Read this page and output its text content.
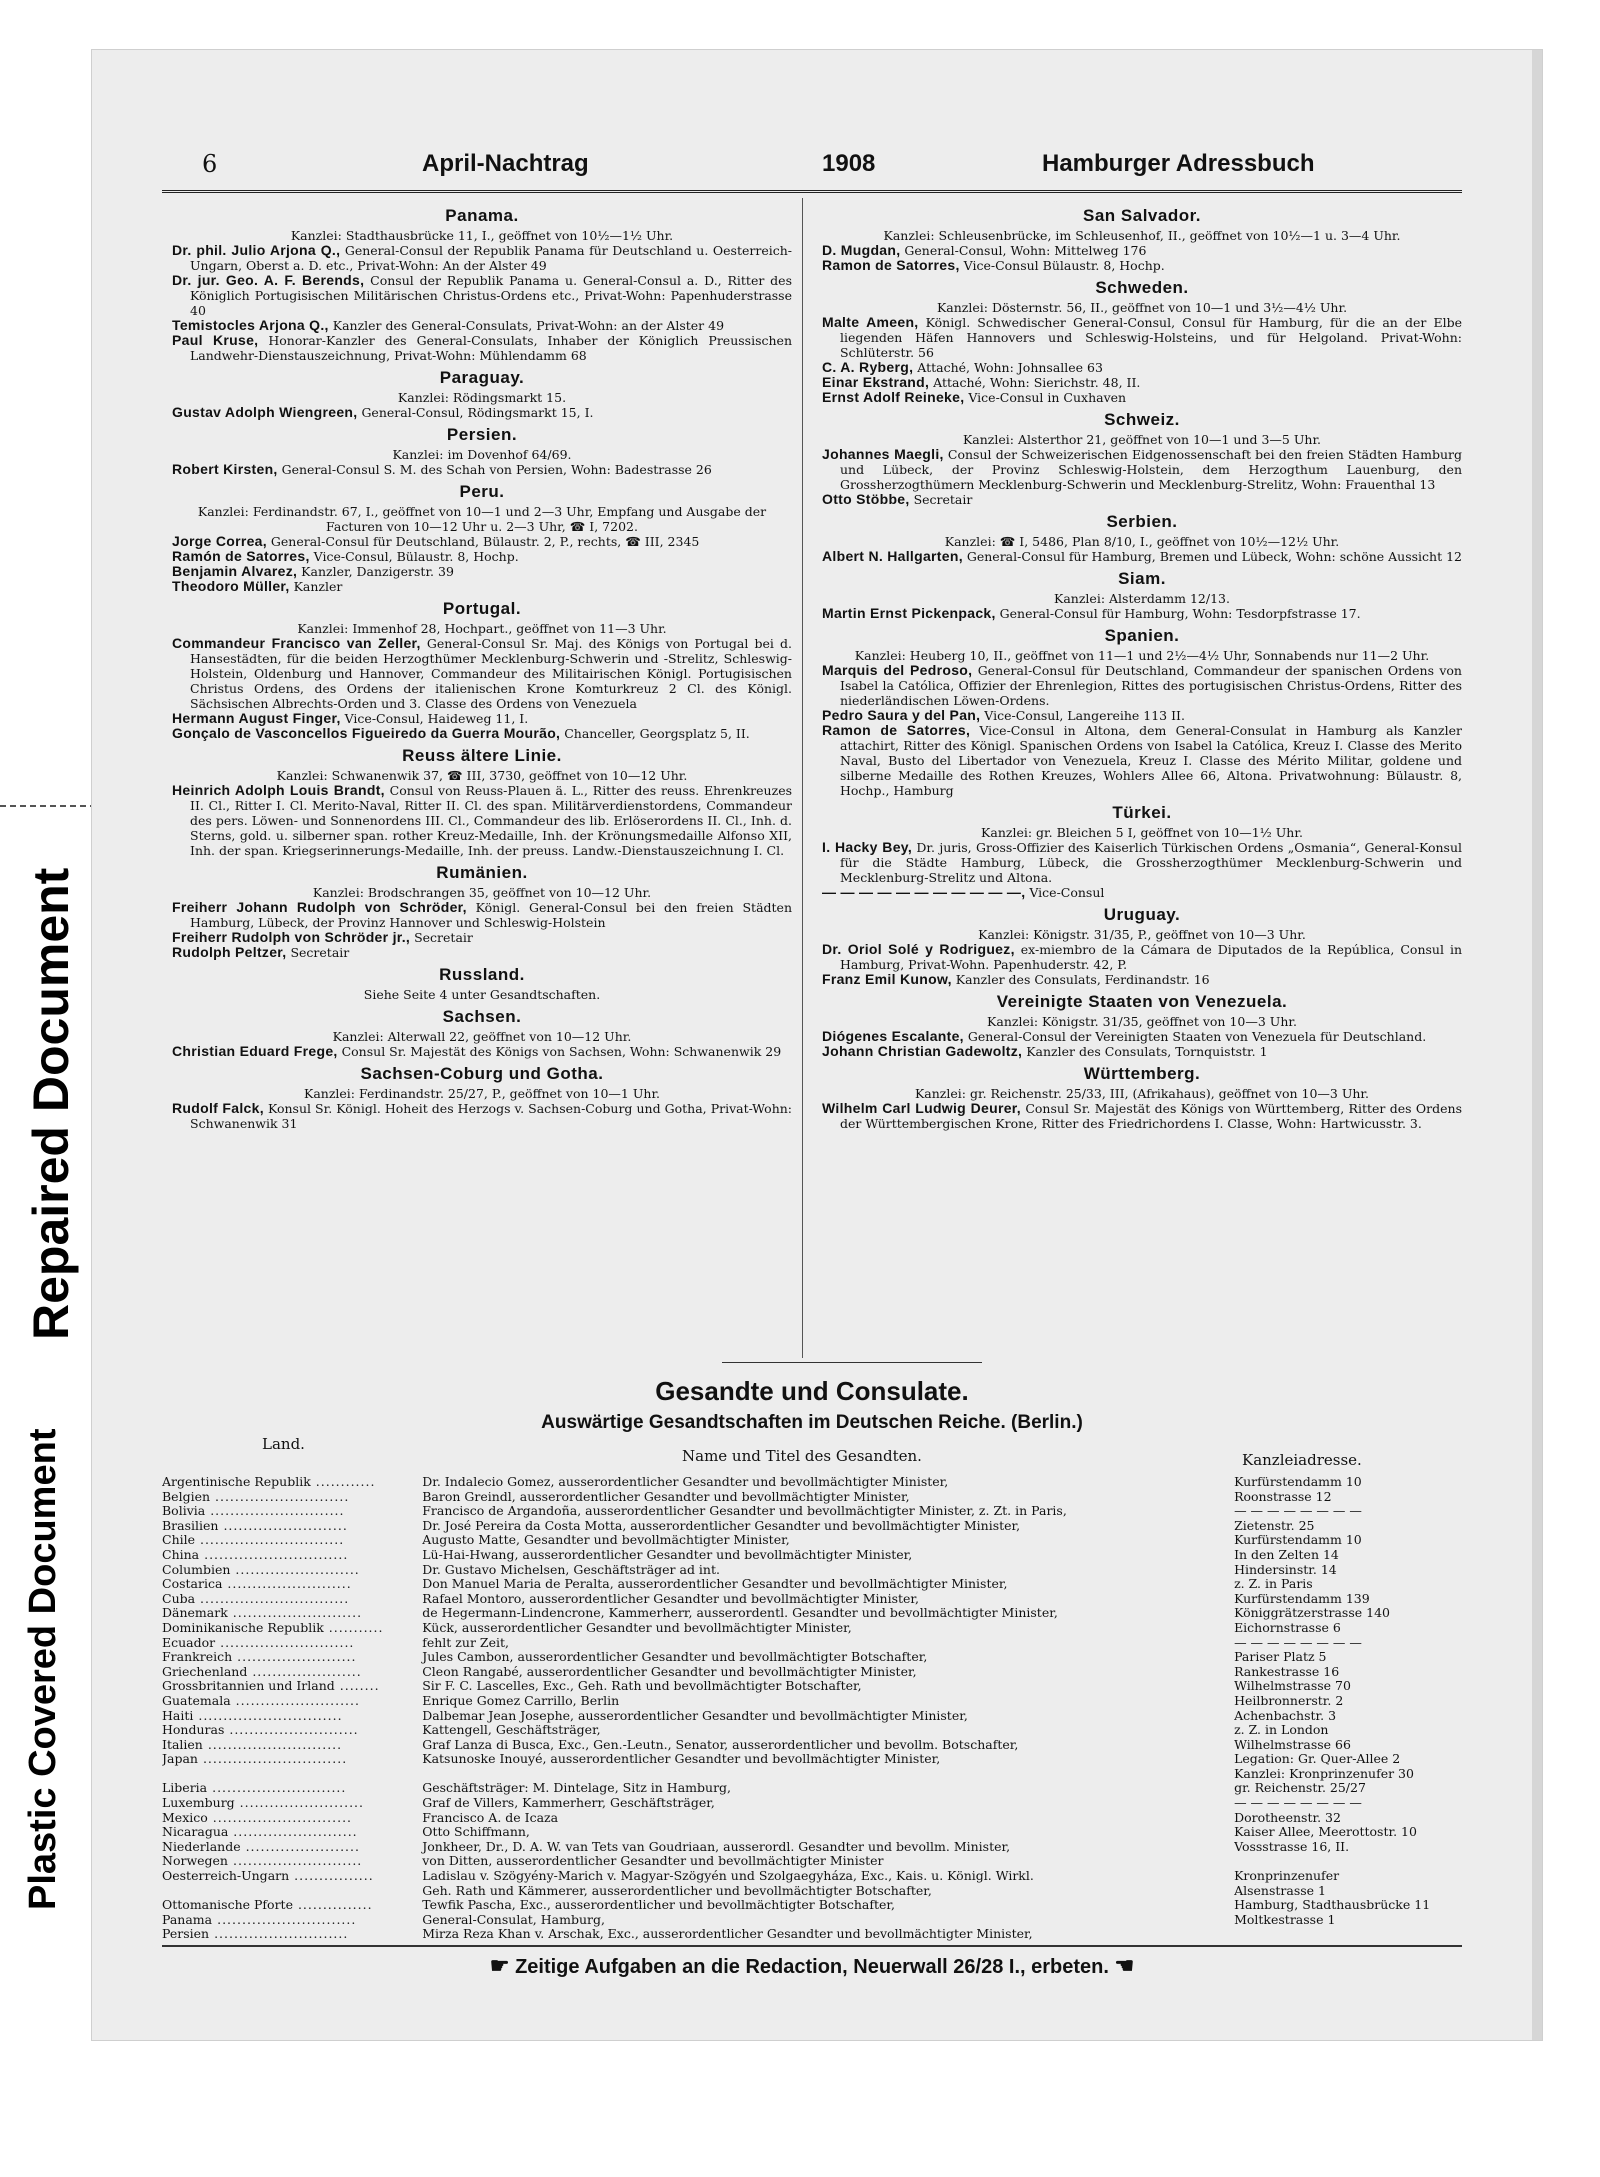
Repaired Document
Plastic Covered Document
6	April-Nachtrag	1908	Hamburger Adressbuch
Panama.
Kanzlei: Stadthausbrücke 11, I., geöffnet von 10½—1½ Uhr.
Dr. phil. Julio Arjona Q., General-Consul der Republik Panama für Deutschland u. Oesterreich-Ungarn, Oberst a. D. etc., Privat-Wohn: An der Alster 49
Dr. jur. Geo. A. F. Berends, Consul der Republik Panama u. General-Consul a. D., Ritter des Königlich Portugisischen Militärischen Christus-Ordens etc., Privat-Wohn: Papenhuderstrasse 40
Temistocles Arjona Q., Kanzler des General-Consulats, Privat-Wohn: an der Alster 49
Paul Kruse, Honorar-Kanzler des General-Consulats, Inhaber der Königlich Preussischen Landwehr-Dienstauszeichnung, Privat-Wohn: Mühlendamm 68
Paraguay.
Kanzlei: Rödingsmarkt 15.
Gustav Adolph Wiengreen, General-Consul, Rödingsmarkt 15, I.
Persien.
Kanzlei: im Dovenhof 64/69.
Robert Kirsten, General-Consul S. M. des Schah von Persien, Wohn: Badestrasse 26
Peru.
Kanzlei: Ferdinandstr. 67, I., geöffnet von 10—1 und 2—3 Uhr, Empfang und Ausgabe der Facturen von 10—12 Uhr u. 2—3 Uhr, ☎ I, 7202.
Jorge Correa, General-Consul für Deutschland, Bülaustr. 2, P., rechts, ☎ III, 2345
Ramón de Satorres, Vice-Consul, Bülaustr. 8, Hochp.
Benjamin Alvarez, Kanzler, Danzigerstr. 39
Theodoro Müller, Kanzler
Portugal.
Kanzlei: Immenhof 28, Hochpart., geöffnet von 11—3 Uhr.
Commandeur Francisco van Zeller, General-Consul Sr. Maj. des Königs von Portugal bei d. Hansestädten, für die beiden Herzogthümer Mecklenburg-Schwerin und -Strelitz, Schleswig-Holstein, Oldenburg und Hannover, Commandeur des Militairischen Königl. Portugisischen Christus Ordens, des Ordens der italienischen Krone Komturkreuz 2 Cl. des Königl. Sächsischen Albrechts-Orden und 3. Classe des Ordens von Venezuela
Hermann August Finger, Vice-Consul, Haideweg 11, I.
Gonçalo de Vasconcellos Figueiredo da Guerra Mourão, Chanceller, Georgsplatz 5, II.
Reuss ältere Linie.
Kanzlei: Schwanenwik 37, ☎ III, 3730, geöffnet von 10—12 Uhr.
Heinrich Adolph Louis Brandt, Consul von Reuss-Plauen ä. L., Ritter des reuss. Ehrenkreuzes II. Cl., Ritter I. Cl. Merito-Naval, Ritter II. Cl. des span. Militärverdienstordens, Commandeur des pers. Löwen- und Sonnenordens III. Cl., Commandeur des lib. Erlöserordens II. Cl., Inh. d. Sterns, gold. u. silberner span. rother Kreuz-Medaille, Inh. der Krönungsmedaille Alfonso XII, Inh. der span. Kriegserinnerungs-Medaille, Inh. der preuss. Landw.-Dienstauszeichnung I. Cl.
Rumänien.
Kanzlei: Brodschrangen 35, geöffnet von 10—12 Uhr.
Freiherr Johann Rudolph von Schröder, Königl. General-Consul bei den freien Städten Hamburg, Lübeck, der Provinz Hannover und Schleswig-Holstein
Freiherr Rudolph von Schröder jr., Secretair
Rudolph Peltzer, Secretair
Russland.
Siehe Seite 4 unter Gesandtschaften.
Sachsen.
Kanzlei: Alterwall 22, geöffnet von 10—12 Uhr.
Christian Eduard Frege, Consul Sr. Majestät des Königs von Sachsen, Wohn: Schwanenwik 29
Sachsen-Coburg und Gotha.
Kanzlei: Ferdinandstr. 25/27, P., geöffnet von 10—1 Uhr.
Rudolf Falck, Konsul Sr. Königl. Hoheit des Herzogs v. Sachsen-Coburg und Gotha, Privat-Wohn: Schwanenwik 31
San Salvador.
Kanzlei: Schleusenbrücke, im Schleusenhof, II., geöffnet von 10½—1 u. 3—4 Uhr.
D. Mugdan, General-Consul, Wohn: Mittelweg 176
Ramon de Satorres, Vice-Consul Bülaustr. 8, Hochp.
Schweden.
Kanzlei: Dösternstr. 56, II., geöffnet von 10—1 und 3½—4½ Uhr.
Malte Ameen, Königl. Schwedischer General-Consul, Consul für Hamburg, für die an der Elbe liegenden Häfen Hannovers und Schleswig-Holsteins, und für Helgoland. Privat-Wohn: Schlüterstr. 56
C. A. Ryberg, Attaché, Wohn: Johnsallee 63
Einar Ekstrand, Attaché, Wohn: Sierichstr. 48, II.
Ernst Adolf Reineke, Vice-Consul in Cuxhaven
Schweiz.
Kanzlei: Alsterthor 21, geöffnet von 10—1 und 3—5 Uhr.
Johannes Maegli, Consul der Schweizerischen Eidgenossenschaft bei den freien Städten Hamburg und Lübeck, der Provinz Schleswig-Holstein, dem Herzogthum Lauenburg, den Grossherzogthümern Mecklenburg-Schwerin und Mecklenburg-Strelitz, Wohn: Frauenthal 13
Otto Stöbbe, Secretair
Serbien.
Kanzlei: ☎ I, 5486, Plan 8/10, I., geöffnet von 10½—12½ Uhr.
Albert N. Hallgarten, General-Consul für Hamburg, Bremen und Lübeck, Wohn: schöne Aussicht 12
Siam.
Kanzlei: Alsterdamm 12/13.
Martin Ernst Pickenpack, General-Consul für Hamburg, Wohn: Tesdorpfstrasse 17.
Spanien.
Kanzlei: Heuberg 10, II., geöffnet von 11—1 und 2½—4½ Uhr, Sonnabends nur 11—2 Uhr.
Marquis del Pedroso, General-Consul für Deutschland, Commandeur der spanischen Ordens von Isabel la Católica, Offizier der Ehrenlegion, Rittes des portugisischen Christus-Ordens, Ritter des niederländischen Löwen-Ordens.
Pedro Saura y del Pan, Vice-Consul, Langereihe 113 II.
Ramon de Satorres, Vice-Consul in Altona, dem General-Consulat in Hamburg als Kanzler attachirt, Ritter des Königl. Spanischen Ordens von Isabel la Católica, Kreuz I. Classe des Merito Naval, Busto del Libertador von Venezuela, Kreuz I. Classe des Mérito Militar, goldene und silberne Medaille des Rothen Kreuzes, Wohlers Allee 66, Altona. Privatwohnung: Bülaustr. 8, Hochp., Hamburg
Türkei.
Kanzlei: gr. Bleichen 5 I, geöffnet von 10—1½ Uhr.
I. Hacky Bey, Dr. juris, Gross-Offizier des Kaiserlich Türkischen Ordens „Osmania“, General-Konsul für die Städte Hamburg, Lübeck, die Grossherzogthümer Mecklenburg-Schwerin und Mecklenburg-Strelitz und Altona.
— — — — — — — — — — —, Vice-Consul
Uruguay.
Kanzlei: Königstr. 31/35, P., geöffnet von 10—3 Uhr.
Dr. Oriol Solé y Rodriguez, ex-miembro de la Cámara de Diputados de la República, Consul in Hamburg, Privat-Wohn. Papenhuderstr. 42, P.
Franz Emil Kunow, Kanzler des Consulats, Ferdinandstr. 16
Vereinigte Staaten von Venezuela.
Kanzlei: Königstr. 31/35, geöffnet von 10—3 Uhr.
Diógenes Escalante, General-Consul der Vereinigten Staaten von Venezuela für Deutschland.
Johann Christian Gadewoltz, Kanzler des Consulats, Tornquiststr. 1
Württemberg.
Kanzlei: gr. Reichenstr. 25/33, III, (Afrikahaus), geöffnet von 10—3 Uhr.
Wilhelm Carl Ludwig Deurer, Consul Sr. Majestät des Königs von Württemberg, Ritter des Ordens der Württembergischen Krone, Ritter des Friedrichordens I. Classe, Wohn: Hartwicusstr. 3.
Gesandte und Consulate.
Auswärtige Gesandtschaften im Deutschen Reiche. (Berlin.)
Land.
Name und Titel des Gesandten.	Kanzleiadresse.
Argentinische Republik ............	Dr. Indalecio Gomez, ausserordentlicher Gesandter und bevollmächtigter Minister,	Kurfürstendamm 10
Belgien ...........................	Baron Greindl, ausserordentlicher Gesandter und bevollmächtigter Minister,	Roonstrasse 12
Bolivia ...........................	Francisco de Argandoña, ausserordentlicher Gesandter und bevollmächtigter Minister, z. Zt. in Paris,	— — — — — — — —
Brasilien .........................	Dr. José Pereira da Costa Motta, ausserordentlicher Gesandter und bevollmächtigter Minister,	Zietenstr. 25
Chile .............................	Augusto Matte, Gesandter und bevollmächtigter Minister,	Kurfürstendamm 10
China .............................	Lü-Hai-Hwang, ausserordentlicher Gesandter und bevollmächtigter Minister,	In den Zelten 14
Columbien .........................	Dr. Gustavo Michelsen, Geschäftsträger ad int.	Hindersinstr. 14
Costarica .........................	Don Manuel Maria de Peralta, ausserordentlicher Gesandter und bevollmächtigter Minister,	z. Z. in Paris
Cuba ..............................	Rafael Montoro, ausserordentlicher Gesandter und bevollmächtigter Minister,	Kurfürstendamm 139
Dänemark ..........................	de Hegermann-Lindencrone, Kammerherr, ausserordentl. Gesandter und bevollmächtigter Minister,	Königgrätzerstrasse 140
Dominikanische Republik ...........	Kück, ausserordentlicher Gesandter und bevollmächtigter Minister,	Eichornstrasse 6
Ecuador ...........................	fehlt zur Zeit,	— — — — — — — —
Frankreich ........................	Jules Cambon, ausserordentlicher Gesandter und bevollmächtigter Botschafter,	Pariser Platz 5
Griechenland ......................	Cleon Rangabé, ausserordentlicher Gesandter und bevollmächtigter Minister,	Rankestrasse 16
Grossbritannien und Irland ........	Sir F. C. Lascelles, Exc., Geh. Rath und bevollmächtigter Botschafter,	Wilhelmstrasse 70
Guatemala .........................	Enrique Gomez Carrillo, Berlin	Heilbronnerstr. 2
Haiti .............................	Dalbemar Jean Josephe, ausserordentlicher Gesandter und bevollmächtigter Minister,	Achenbachstr. 3
Honduras ..........................	Kattengell, Geschäftsträger,	z. Z. in London
Italien ...........................	Graf Lanza di Busca, Exc., Gen.-Leutn., Senator, ausserordentlicher und bevollm. Botschafter,	Wilhelmstrasse 66
Japan .............................	Katsunoske Inouyé, ausserordentlicher Gesandter und bevollmächtigter Minister,	Legation: Gr. Quer-Allee 2
		Kanzlei: Kronprinzenufer 30
Liberia ...........................	Geschäftsträger: M. Dintelage, Sitz in Hamburg,	gr. Reichenstr. 25/27
Luxemburg .........................	Graf de Villers, Kammerherr, Geschäftsträger,	— — — — — — — —
Mexico ............................	Francisco A. de Icaza	Dorotheenstr. 32
Nicaragua .........................	Otto Schiffmann,	Kaiser Allee, Meerottostr. 10
Niederlande .......................	Jonkheer, Dr., D. A. W. van Tets van Goudriaan, ausserordl. Gesandter und bevollm. Minister,	Vossstrasse 16, II.
Norwegen ..........................	von Ditten, ausserordentlicher Gesandter und bevollmächtigter Minister	
Oesterreich-Ungarn ................	Ladislau v. Szögyény-Marich v. Magyar-Szögyén und Szolgaegyháza, Exc., Kais. u. Königl. Wirkl.	Kronprinzenufer
	Geh. Rath und Kämmerer, ausserordentlicher und bevollmächtigter Botschafter,	Alsenstrasse 1
Ottomanische Pforte ...............	Tewfik Pascha, Exc., ausserordentlicher und bevollmächtigter Botschafter,	Hamburg, Stadthausbrücke 11
Panama ............................	General-Consulat, Hamburg,	Moltkestrasse 1
Persien ...........................	Mirza Reza Khan v. Arschak, Exc., ausserordentlicher Gesandter und bevollmächtigter Minister,	
☛ Zeitige Aufgaben an die Redaction, Neuerwall 26/28 I., erbeten. ☚
